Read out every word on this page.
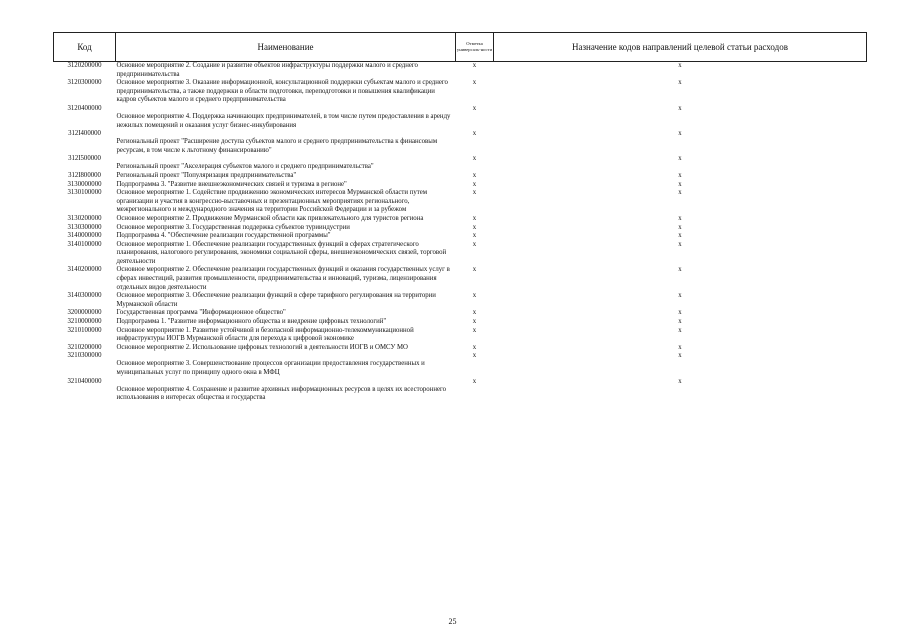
Код	Наименование	Отметка универсаль-ности	Назначение кодов направлений целевой статьи расходов
3120200000	Основное мероприятие 2. Создание и развитие объектов инфраструктуры поддержки малого и среднего предпринимательства	x	x
3120300000	Основное мероприятие 3. Оказание информационной, консультационной поддержки субъектам малого и среднего предпринимательства, а также поддержки в области подготовки, переподготовки и повышения квалификации кадров субъектов малого и среднего предпринимательства	x	x
3120400000	Основное мероприятие 4. Поддержка начинающих предпринимателей, в том числе путем предоставления в аренду нежилых помещений и оказания услуг бизнес-инкубирования	x	x
312I400000	Региональный проект "Расширение доступа субъектов малого и среднего предпринимательства к финансовым ресурсам, в том числе к льготному финансированию"	x	x
312I500000	Региональный проект "Акселерация субъектов малого и среднего предпринимательства"	x	x
312I800000	Региональный проект "Популяризация предпринимательства"	x	x
3130000000	Подпрограмма 3. "Развитие внешнеэкономических связей и туризма в регионе"	x	x
3130100000	Основное мероприятие 1. Содействие продвижению экономических интересов Мурманской области путем организации и участия в конгрессно-выставочных и презентационных мероприятиях регионального, межрегионального и международного значения на территории Российской Федерации и за рубежом	x	x
3130200000	Основное мероприятие 2. Продвижение Мурманской области как привлекательного для туристов региона	x	x
3130300000	Основное мероприятие 3. Государственная поддержка субъектов турииндустрии	x	x
3140000000	Подпрограмма 4. "Обеспечение реализации государственной программы"	x	x
3140100000	Основное мероприятие 1. Обеспечение реализации государственных функций в сферах стратегического планирования, налогового регулирования, экономики социальной сферы, внешнеэкономических связей, торговой деятельности	x	x
3140200000	Основное мероприятие 2. Обеспечение реализации государственных функций и оказания государственных услуг в сферах инвестиций, развития промышленности, предпринимательства и инноваций, туризма, лицензирования отдельных видов деятельности	x	x
3140300000	Основное мероприятие 3. Обеспечение реализации функций в сфере тарифного регулирования на территории Мурманской области	x	x
3200000000	Государственная программа "Информационное общество"	x	x
3210000000	Подпрограмма 1. "Развитие информационного общества и внедрение цифровых технологий"	x	x
3210100000	Основное мероприятие 1. Развитие устойчивой и безопасной информационно-телекоммуникационной инфраструктуры ИОГВ Мурманской области для перехода к цифровой экономике	x	x
3210200000	Основное мероприятие 2. Использование цифровых технологий в деятельности ИОГВ и ОМСУ МО	x	x
3210300000	Основное мероприятие 3. Совершенствование процессов организации предоставления государственных и муниципальных услуг по принципу одного окна в МФЦ	x	x
3210400000	Основное мероприятие 4. Сохранение и развитие архивных информационных ресурсов в целях их всестороннего использования в интересах общества и государства	x	x
25
